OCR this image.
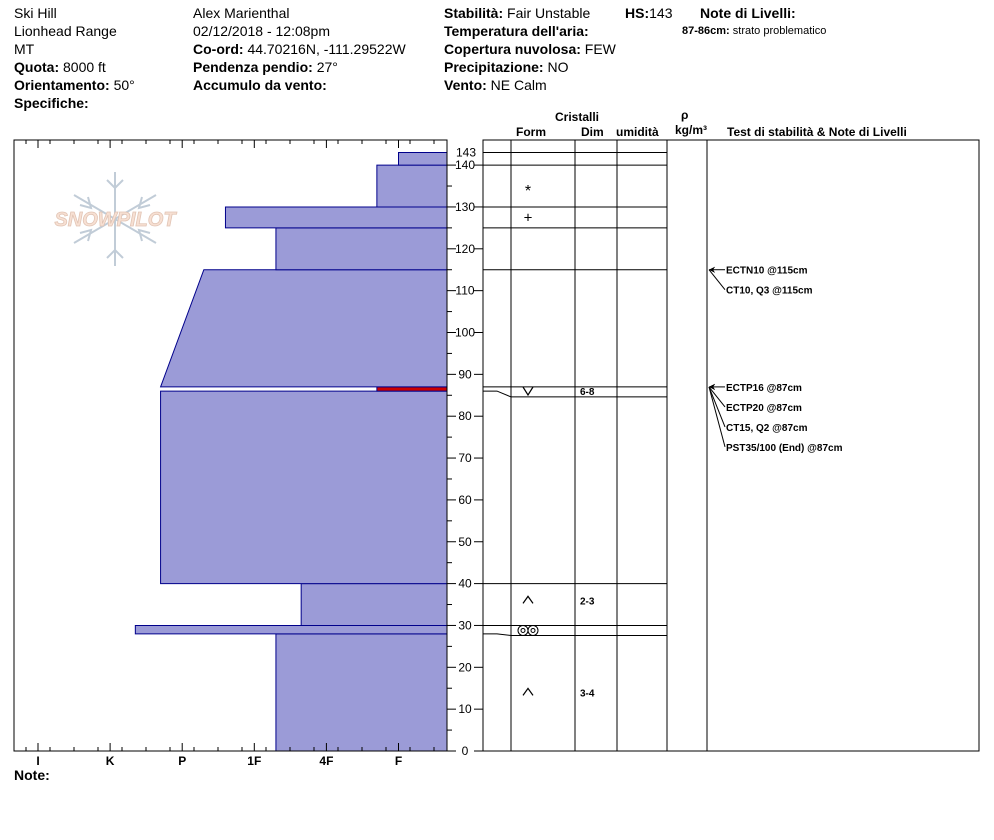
Ski Hill
Lionhead Range
MT
Quota: 8000 ft
Orientamento: 50°
Specifiche:
Alex Marienthal
02/12/2018 - 12:08pm
Co-ord: 44.70216N, -111.29522W
Pendenza pendio: 27°
Accumulo da vento:
Stabilità: Fair Unstable HS:143
Temperatura dell'aria:
Copertura nuvolosa: FEW
Precipitazione: NO
Vento: NE Calm
Note di Livelli:
87-86cm: strato problematico
Cristalli
Form	Dim umidità
ρ
kg/m³ Test di stabilità & Note di Livelli
Note:
SNOWPILOT
I	K	P	1F	4F	F
0
10
20
30
40
50
60
70
80
90
100
110
120
130
140
143
*
+
6-8
2-3
3-4
ECTP16 @87cm
ECTP20 @87cm
CT15, Q2 @87cm
PST35/100 (End) @87cm
ECTN10 @115cm
CT10, Q3 @115cm
